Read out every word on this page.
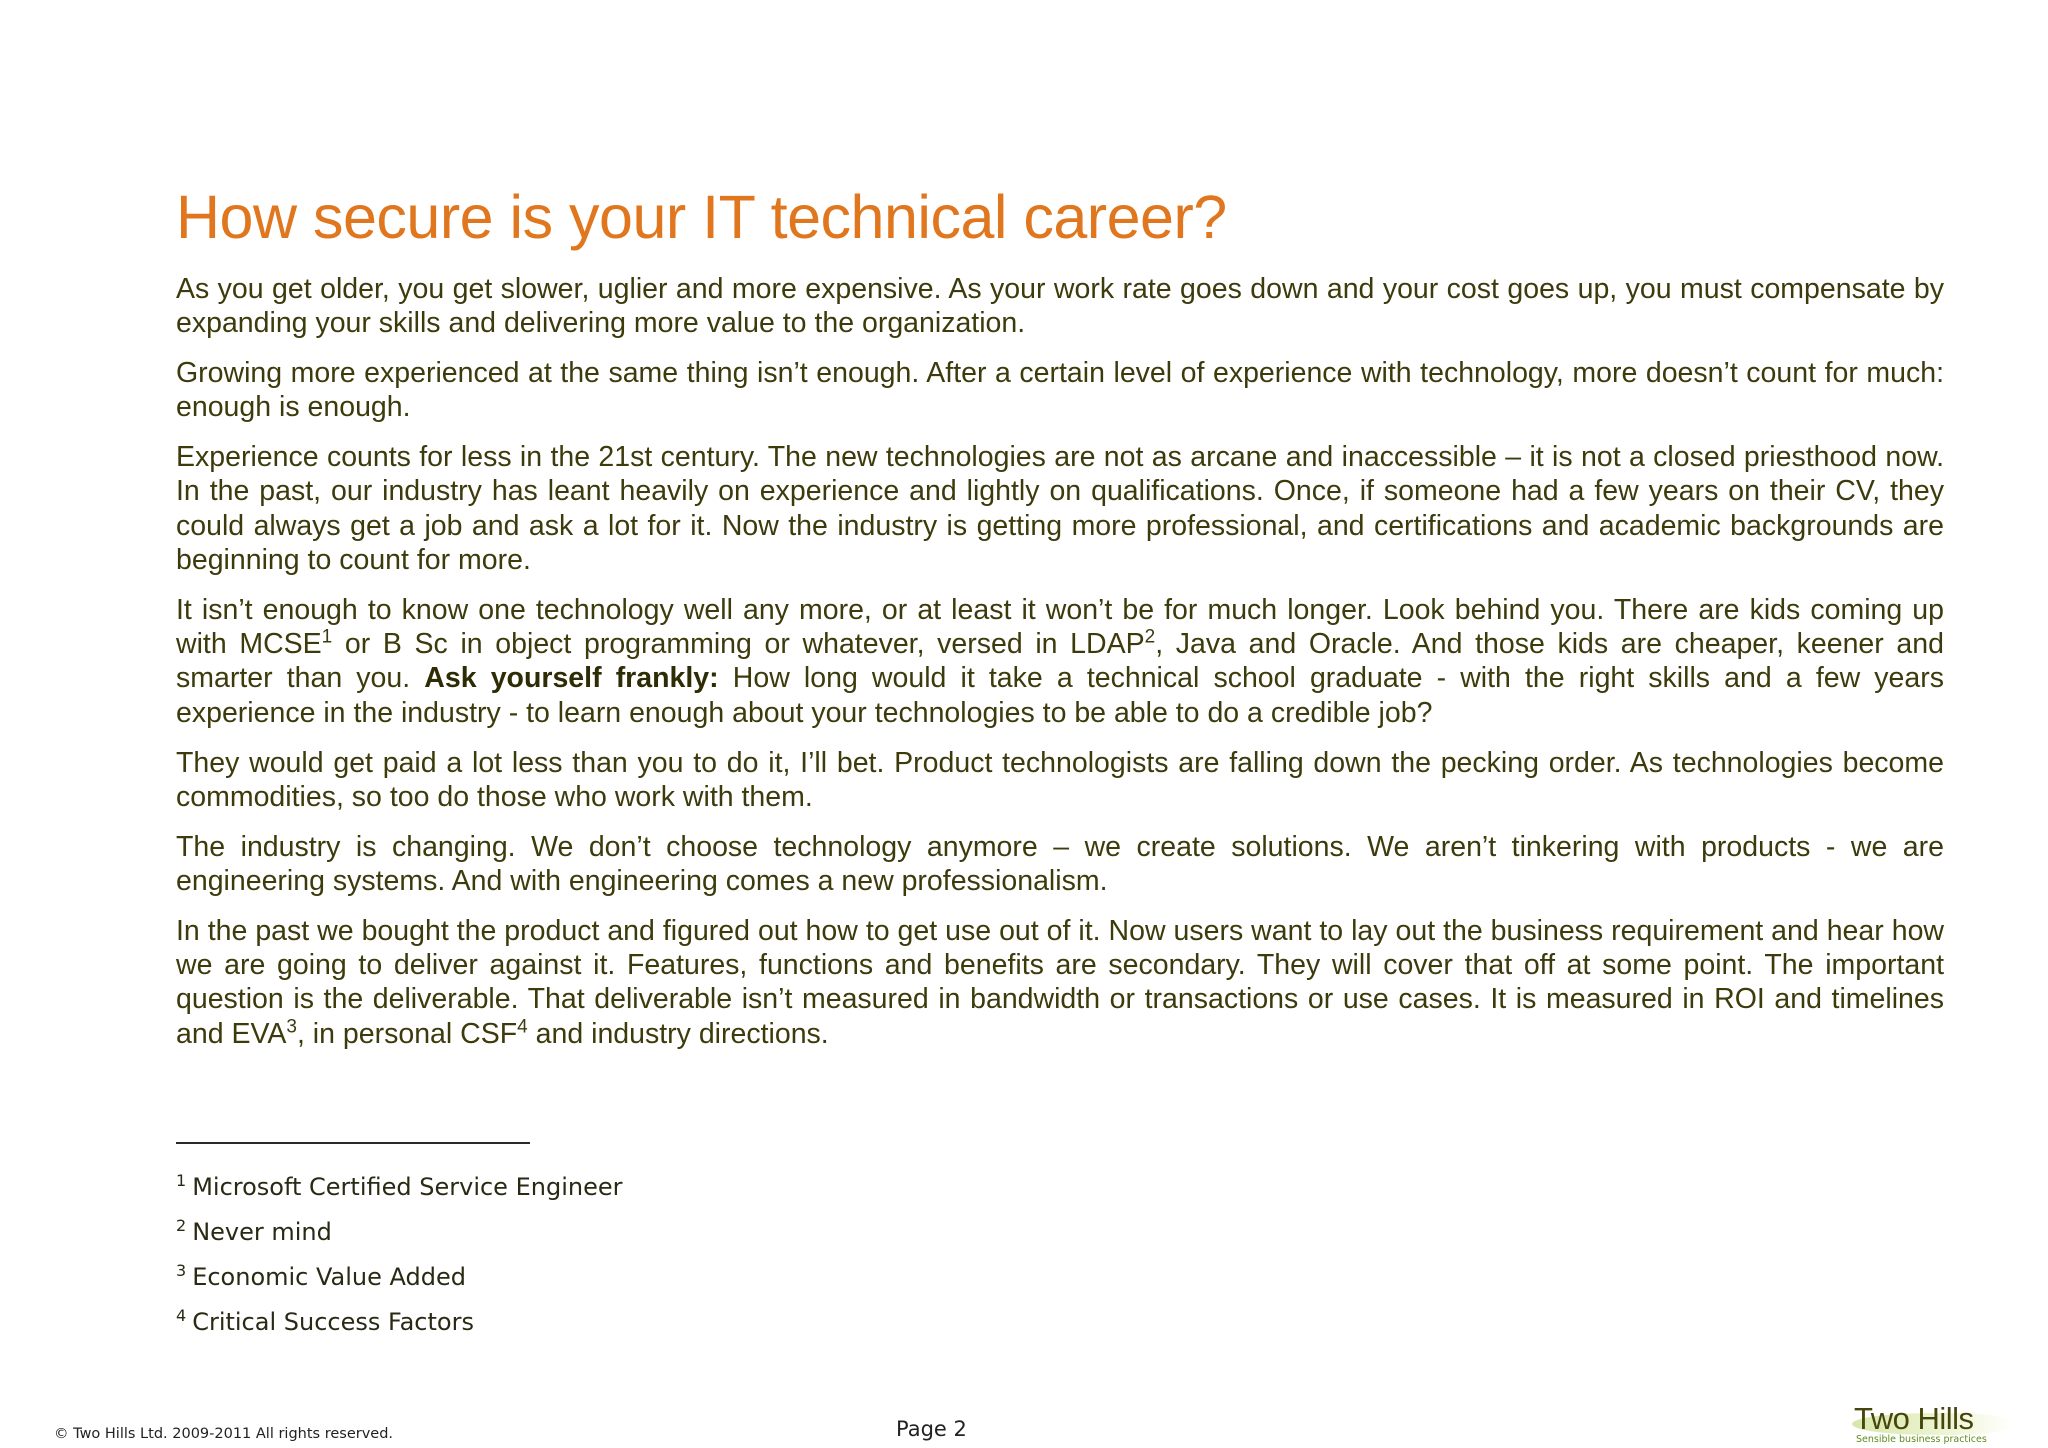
How secure is your IT technical career?

As you get older, you get slower, uglier and more expensive. As your work rate goes down and your cost goes up, you must compensate by expanding your skills and delivering more value to the organization.

Growing more experienced at the same thing isn’t enough. After a certain level of experience with technology, more doesn’t count for much: enough is enough.

Experience counts for less in the 21st century. The new technologies are not as arcane and inaccessible – it is not a closed priesthood now. In the past, our industry has leant heavily on experience and lightly on qualifications. Once, if someone had a few years on their CV, they could always get a job and ask a lot for it. Now the industry is getting more professional, and certifications and academic backgrounds are beginning to count for more.

It isn’t enough to know one technology well any more, or at least it won’t be for much longer. Look behind you. There are kids coming up with MCSE$^1$ or B Sc in object programming or whatever, versed in LDAP$^2$, Java and Oracle. And those kids are cheaper, keener and smarter than you. Ask yourself frankly: How long would it take a technical school graduate - with the right skills and a few years experience in the industry - to learn enough about your technologies to be able to do a credible job?

They would get paid a lot less than you to do it, I’ll bet. Product technologists are falling down the pecking order. As technologies become commodities, so too do those who work with them.

The industry is changing. We don’t choose technology anymore – we create solutions. We aren’t tinkering with products - we are engineering systems. And with engineering comes a new professionalism.

In the past we bought the product and figured out how to get use out of it. Now users want to lay out the business requirement and hear how we are going to deliver against it. Features, functions and benefits are secondary. They will cover that off at some point. The important question is the deliverable. That deliverable isn’t measured in bandwidth or transactions or use cases. It is measured in ROI and timelines and EVA$^3$, in personal CSF$^4$ and industry directions.

$^1$ Microsoft Certified Service Engineer
$^2$ Never mind
$^3$ Economic Value Added
$^4$ Critical Success Factors
© Two Hills Ltd. 2009-2011 All rights reserved.	Page 2	Two Hills
Sensible business practices
